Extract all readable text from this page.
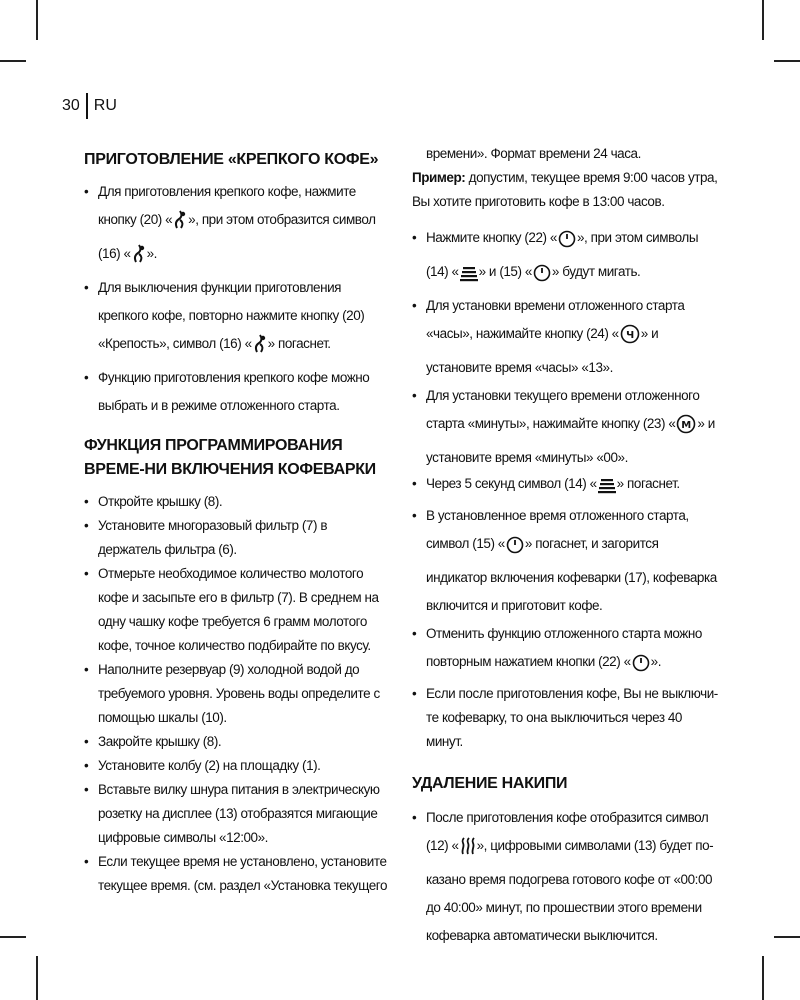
30 RU
ПРИГОТОВЛЕНИЕ «КРЕПКОГО КОФЕ»
• Для приготовления крепкого кофе, нажмите кнопку (20) « », при этом отобразится символ (16) « ».
• Для выключения функции приготовления крепкого кофе, повторно нажмите кнопку (20) «Крепость», символ (16) « » погаснет.
• Функцию приготовления крепкого кофе можно выбрать и в режиме отложенного старта.
ФУНКЦИЯ ПРОГРАММИРОВАНИЯ ВРЕМЕ-НИ ВКЛЮЧЕНИЯ КОФЕВАРКИ
• Откройте крышку (8).
• Установите многоразовый фильтр (7) в держатель фильтра (6).
• Отмерьте необходимое количество молотого кофе и засыпьте его в фильтр (7). В среднем на одну чашку кофе требуется 6 грамм молотого кофе, точное количество подбирайте по вкусу.
• Наполните резервуар (9) холодной водой до требуемого уровня. Уровень воды определите с помощью шкалы (10).
• Закройте крышку (8).
• Установите колбу (2) на площадку (1).
• Вставьте вилку шнура питания в электрическую розетку на дисплее (13) отобразятся мигающие цифровые символы «12:00».
• Если текущее время не установлено, установите текущее время. (см. раздел «Установка текущего

времени». Формат времени 24 часа.

Пример: допустим, текущее время 9:00 часов утра, Вы хотите приготовить кофе в 13:00 часов.

• Нажмите кнопку (22) « », при этом символы (14) « » и (15) « » будут мигать.
• Для установки времени отложенного старта «часы», нажимайте кнопку (24) « Ч » и установите время «часы» «13».
• Для установки текущего времени отложенного старта «минуты», нажимайте кнопку (23) « M » и установите время «минуты» «00».
• Через 5 секунд символ (14) « » погаснет.
• В установленное время отложенного старта, символ (15) « » погаснет, и загорится индикатор включения кофеварки (17), кофеварка включится и приготовит кофе.
• Отменить функцию отложенного старта можно повторным нажатием кнопки (22) « ».
• Если после приготовления кофе, Вы не выключи-те кофеварку, то она выключиться через 40 минут.
УДАЛЕНИЕ НАКИПИ
• После приготовления кофе отобразится символ (12) « », цифровыми символами (13) будет по-казано время подогрева готового кофе от «00:00 до 40:00» минут, по прошествии этого времени кофеварка автоматически выключится.
